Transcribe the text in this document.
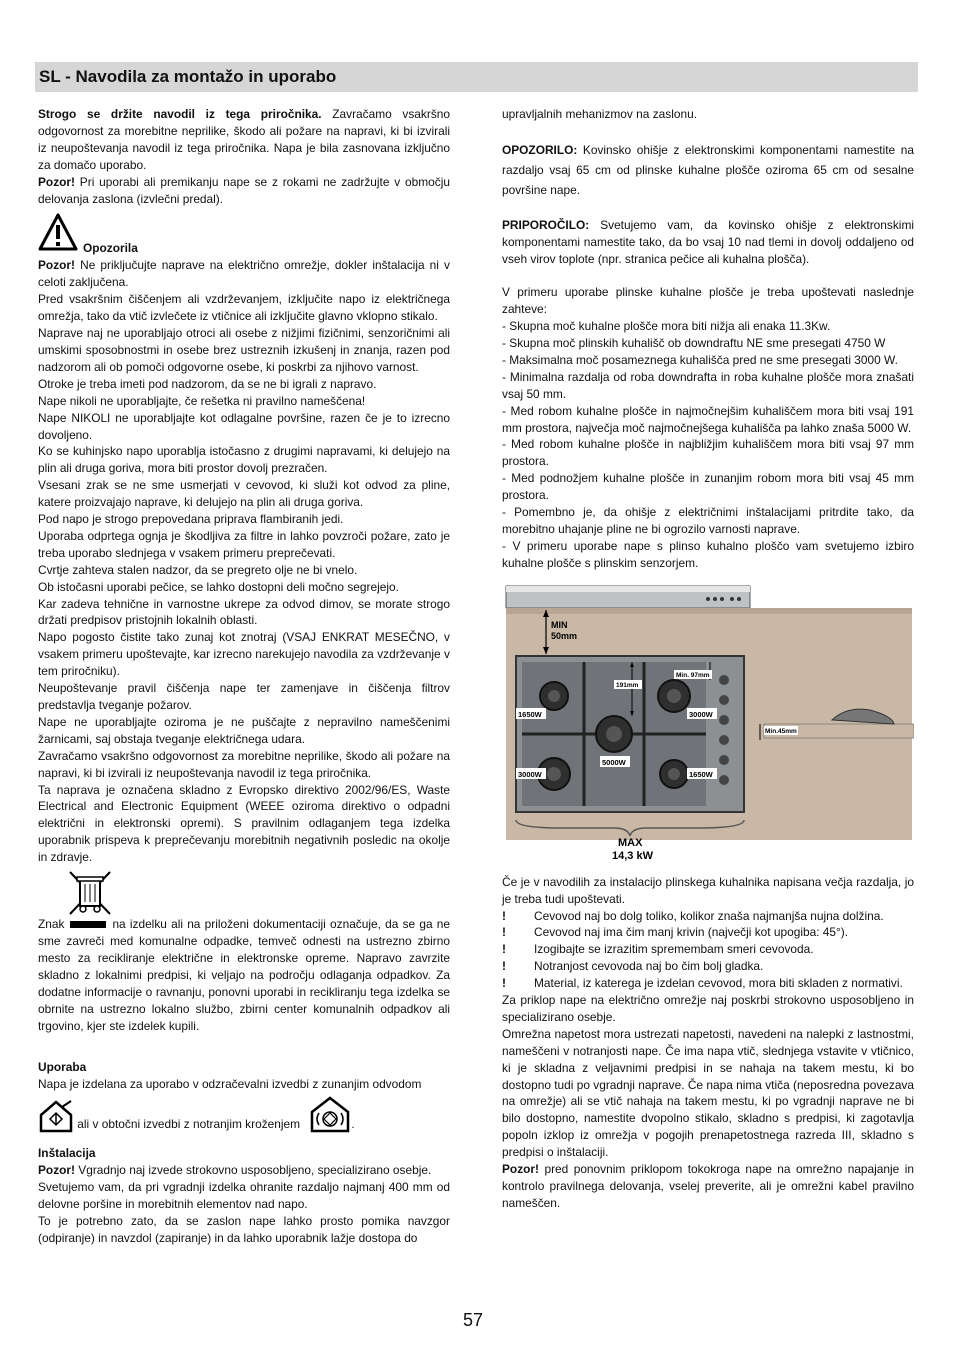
SL - Navodila za montažo in uporabo

Strogo se držite navodil iz tega priročnika. Zavračamo vsakršno odgovornost za morebitne neprilike, škodo ali požare na napravi, ki bi izvirali iz neupoštevanja navodil iz tega priročnika. Napa je bila zasnovana izključno za domačo uporabo.

Pozor! Pri uporabi ali premikanju nape se z rokami ne zadržujte v območju delovanja zaslona (izvlečni predal).

Opozorila

Pozor! Ne priključujte naprave na električno omrežje, dokler inštalacija ni v celoti zaključena.

Pred vsakršnim čiščenjem ali vzdrževanjem, izključite napo iz električnega omrežja, tako da vtič izvlečete iz vtičnice ali izključite glavno vklopno stikalo.

Naprave naj ne uporabljajo otroci ali osebe z nižjimi fizičnimi, senzoričnimi ali umskimi sposobnostmi in osebe brez ustreznih izkušenj in znanja, razen pod nadzorom ali ob pomoči odgovorne osebe, ki poskrbi za njihovo varnost.

Otroke je treba imeti pod nadzorom, da se ne bi igrali z napravo.

Nape nikoli ne uporabljajte, če rešetka ni pravilno nameščena!

Nape NIKOLI ne uporabljajte kot odlagalne površine, razen če je to izrecno dovoljeno.

Ko se kuhinjsko napo uporablja istočasno z drugimi napravami, ki delujejo na plin ali druga goriva, mora biti prostor dovolj prezračen.

Vsesani zrak se ne sme usmerjati v cevovod, ki služi kot odvod za pline, katere proizvajajo naprave, ki delujejo na plin ali druga goriva.

Pod napo je strogo prepovedana priprava flambiranih jedi.

Uporaba odprtega ognja je škodljiva za filtre in lahko povzroči požare, zato je treba uporabo slednjega v vsakem primeru preprečevati.

Cvrtje zahteva stalen nadzor, da se pregreto olje ne bi vnelo.

Ob istočasni uporabi pečice, se lahko dostopni deli močno segrejejo.

Kar zadeva tehnične in varnostne ukrepe za odvod dimov, se morate strogo držati predpisov pristojnih lokalnih oblasti.

Napo pogosto čistite tako zunaj kot znotraj (VSAJ ENKRAT MESEČNO, v vsakem primeru upoštevajte, kar izrecno narekujejo navodila za vzdrževanje v tem priročniku).

Neupoštevanje pravil čiščenja nape ter zamenjave in čiščenja filtrov predstavlja tveganje požarov.

Nape ne uporabljajte oziroma je ne puščajte z nepravilno nameščenimi žarnicami, saj obstaja tveganje električnega udara.

Zavračamo vsakršno odgovornost za morebitne neprilike, škodo ali požare na napravi, ki bi izvirali iz neupoštevanja navodil iz tega priročnika.

Ta naprava je označena skladno z Evropsko direktivo 2002/96/ES, Waste Electrical and Electronic Equipment (WEEE oziroma direktivo o odpadni električni in elektronski opremi). S pravilnim odlaganjem tega izdelka uporabnik prispeva k preprečevanju morebitnih negativnih posledic na okolje in zdravje.

Znak	na izdelku ali na priloženi dokumentaciji označuje, da se ga ne sme zavreči med komunalne odpadke, temveč odnesti na ustrezno zbirno mesto za recikliranje električne in elektronske opreme. Napravo zavrzite skladno z lokalnimi predpisi, ki veljajo na področju odlaganja odpadkov. Za dodatne informacije o ravnanju, ponovni uporabi in recikliranju tega izdelka se obrnite na ustrezno lokalno službo, zbirni center komunalnih odpadkov ali trgovino, kjer ste izdelek kupili.

Uporaba

Napa je izdelana za uporabo v odzračevalni izvedbi z zunanjim odvodom

ali v obtočni izvedbi z notranjim kroženjem	.

Inštalacija

Pozor! Vgradnjo naj izvede strokovno usposobljeno, specializirano osebje.

Svetujemo vam, da pri vgradnji izdelka ohranite razdaljo najmanj 400 mm od delovne poršine in morebitnih elementov nad napo.

To je potrebno zato, da se zaslon nape lahko prosto pomika navzgor (odpiranje) in navzdol (zapiranje) in da lahko uporabnik lažje dostopa do

upravljalnih mehanizmov na zaslonu.

OPOZORILO: Kovinsko ohišje z elektronskimi komponentami namestite na razdaljo vsaj 65 cm od plinske kuhalne plošče oziroma 65 cm od sesalne površine nape.

PRIPOROČILO: Svetujemo vam, da kovinsko ohišje z elektronskimi komponentami namestite tako, da bo vsaj 10 nad tlemi in dovolj oddaljeno od vseh virov toplote (npr. stranica pečice ali kuhalna plošča).

V primeru uporabe plinske kuhalne plošče je treba upoštevati naslednje zahteve:

- Skupna moč kuhalne plošče mora biti nižja ali enaka 11.3Kw.

- Skupna moč plinskih kuhališč ob downdraftu NE sme presegati 4750 W

- Maksimalna moč posameznega kuhališča pred ne sme presegati 3000 W.

- Minimalna razdalja od roba downdrafta in roba kuhalne plošče mora znašati vsaj 50 mm.

- Med robom kuhalne plošče in najmočnejšim kuhališčem mora biti vsaj 191 mm prostora, največja moč najmočnejšega kuhališča pa lahko znaša 5000 W.

- Med robom kuhalne plošče in najbližjim kuhališčem mora biti vsaj 97 mm prostora.

- Med podnožjem kuhalne plošče in zunanjim robom mora biti vsaj 45 mm prostora.

- Pomembno je, da ohišje z električnimi inštalacijami pritrdite tako, da morebitno uhajanje pline ne bi ogrozilo varnosti naprave.

- V primeru uporabe nape s plinso kuhalno ploščo vam svetujemo izbiro kuhalne plošče s plinskim senzorjem.

MIN
50mm
1650W	3000W
5000W
3000W	1650W
191mm
Min. 97mm
Min.45mm
MAX
14,3 kW

Če je v navodilih za instalacijo plinskega kuhalnika napisana večja razdalja, jo je treba tudi upoštevati.

! Cevovod naj bo dolg toliko, kolikor znaša najmanjša nujna dolžina.
! Cevovod naj ima čim manj krivin (največji kot upogiba: 45°).
! Izogibajte se izrazitim spremembam smeri cevovoda.
! Notranjost cevovoda naj bo čim bolj gladka.
! Material, iz katerega je izdelan cevovod, mora biti skladen z normativi.

Za priklop nape na električno omrežje naj poskrbi strokovno usposobljeno in specializirano osebje.

Omrežna napetost mora ustrezati napetosti, navedeni na nalepki z lastnostmi, nameščeni v notranjosti nape. Če ima napa vtič, slednjega vstavite v vtičnico, ki je skladna z veljavnimi predpisi in se nahaja na takem mestu, ki bo dostopno tudi po vgradnji naprave. Če napa nima vtiča (neposredna povezava na omrežje) ali se vtič nahaja na takem mestu, ki po vgradnji naprave ne bi bilo dostopno, namestite dvopolno stikalo, skladno s predpisi, ki zagotavlja popoln izklop iz omrežja v pogojih prenapetostnega razreda III, skladno s predpisi o inštalaciji.

Pozor! pred ponovnim priklopom tokokroga nape na omrežno napajanje in kontrolo pravilnega delovanja, vselej preverite, ali je omrežni kabel pravilno nameščen.

57
